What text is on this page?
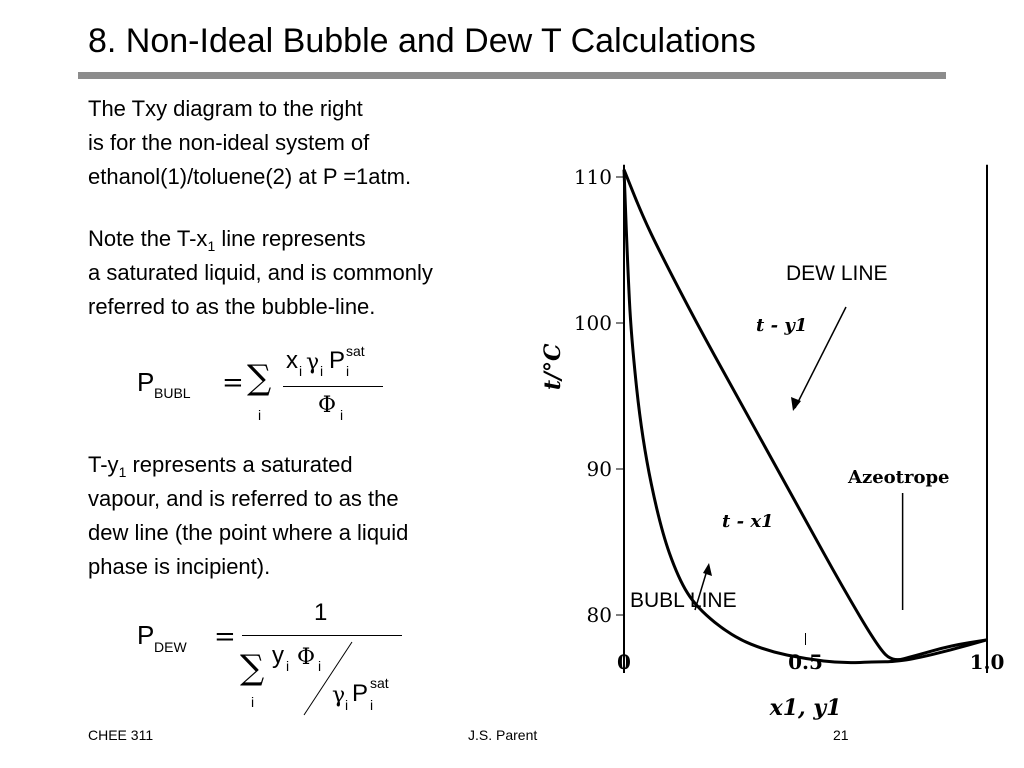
8. Non-Ideal Bubble and Dew T Calculations
The Txy diagram to the right
is for the non-ideal system of
ethanol(1)/toluene(2) at P =1atm.
Note the $T-x_1$ line represents
a saturated liquid, and is commonly
referred to as the bubble-line.
P BUBL = ∑
i
x i γ i P sat
i
Φ i
$T-y_1$ represents a saturated
vapour, and is referred to as the
dew line (the point where a liquid
phase is incipient).
P DEW =
1
∑
i
y i Φ i
γ i P sat
i
110
100
90
80
0	0.5	1.0
x1, y1
t/°C
t - y1
t - x1
Azeotrope
DEW LINE
BUBL LINE
CHEE 311	J.S. Parent	21
